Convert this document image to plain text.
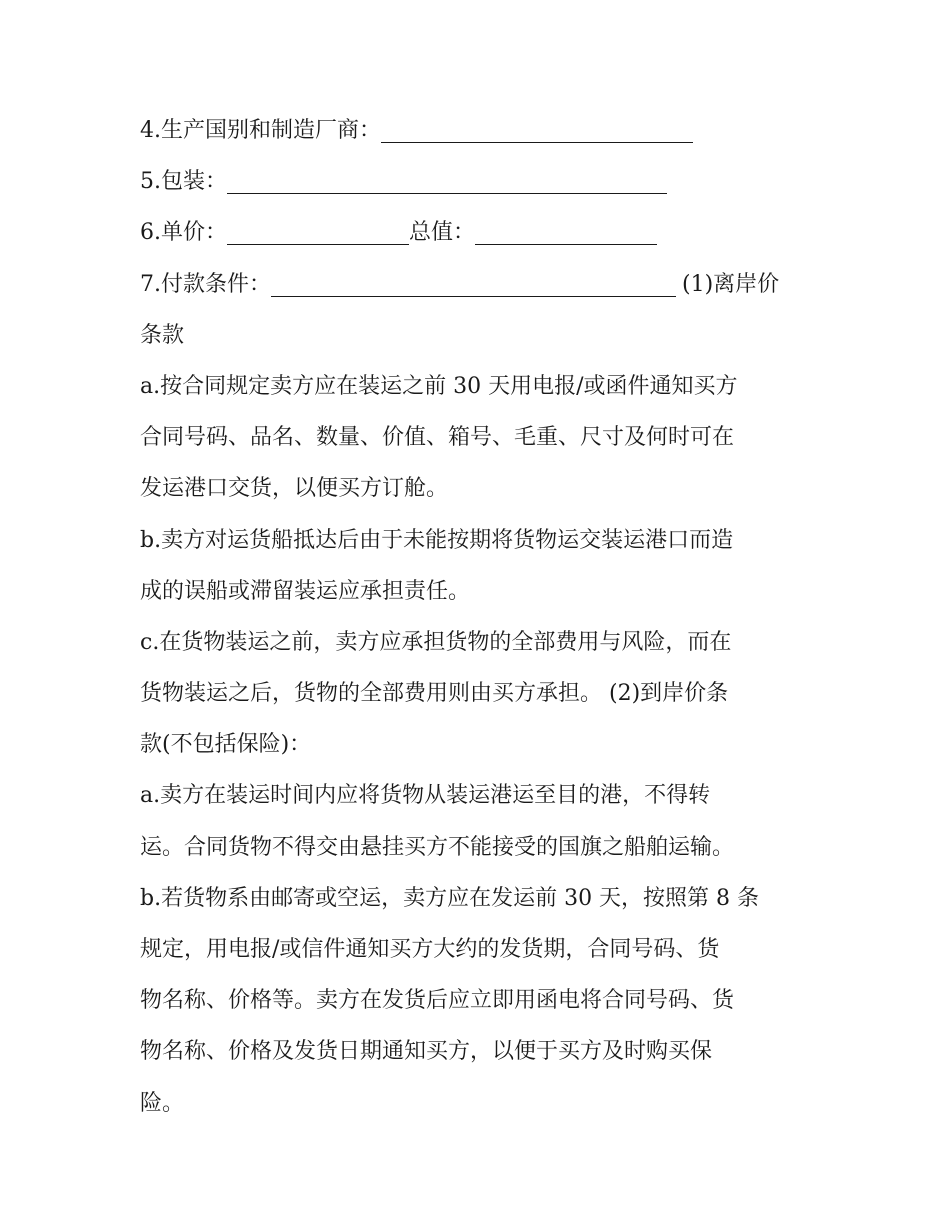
4.生产国别和制造厂商：
5.包装：
6.单价：	总值：
7.付款条件：	(1)离岸价
条款
a.按合同规定卖方应在装运之前 30 天用电报/或函件通知买方
合同号码、品名、数量、价值、箱号、毛重、尺寸及何时可在
发运港口交货，以便买方订舱。
b.卖方对运货船抵达后由于未能按期将货物运交装运港口而造
成的误船或滞留装运应承担责任。
c.在货物装运之前，卖方应承担货物的全部费用与风险，而在
货物装运之后，货物的全部费用则由买方承担。 (2)到岸价条
款(不包括保险)：
a.卖方在装运时间内应将货物从装运港运至目的港，不得转
运。合同货物不得交由悬挂买方不能接受的国旗之船舶运输。
b.若货物系由邮寄或空运，卖方应在发运前 30 天，按照第 8 条
规定，用电报/或信件通知买方大约的发货期，合同号码、货
物名称、价格等。卖方在发货后应立即用函电将合同号码、货
物名称、价格及发货日期通知买方，以便于买方及时购买保
险。
